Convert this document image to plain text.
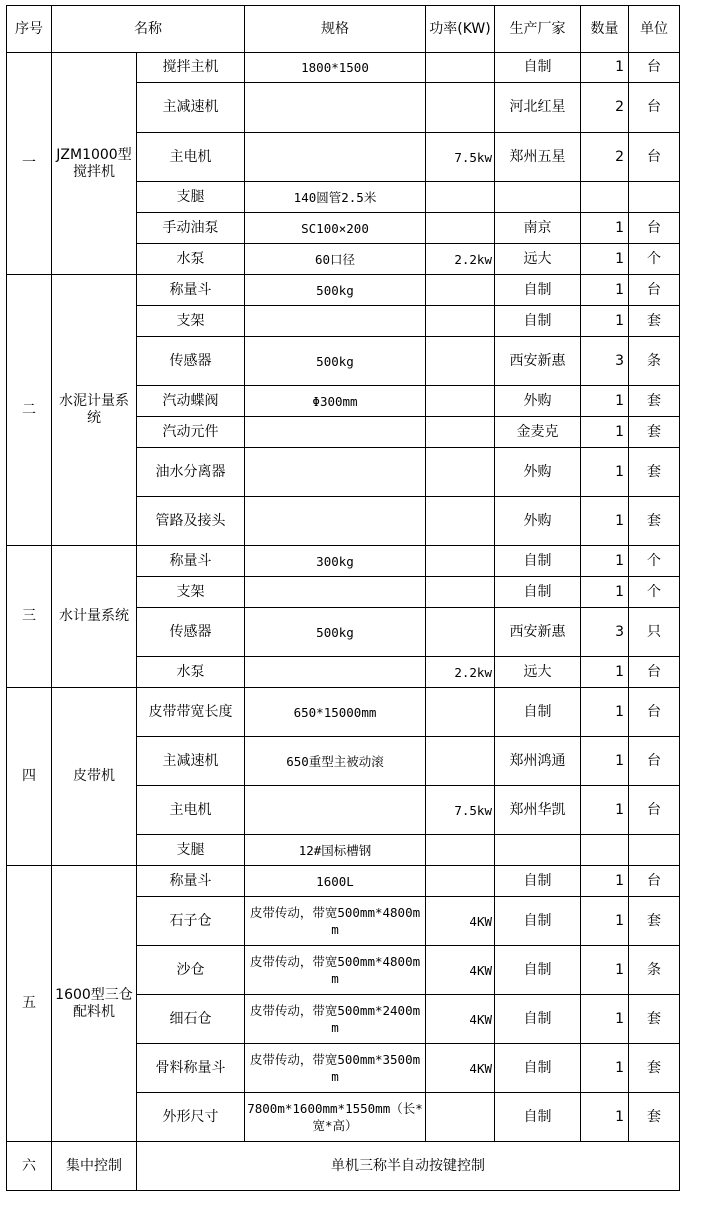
序号	名称		规格	功率(KW)	生产厂家	数量	单位
一	JZM1000型搅拌机	搅拌主机	1800*1500		自制	1	台
		主减速机			河北红星	2	台
		主电机		7.5kw	郑州五星	2	台
		支腿	140圆管2.5米				
		手动油泵	SC100×200		南京	1	台
		水泵	60口径	2.2kw	远大	1	个
二	水泥计量系统	称量斗	500kg		自制	1	台
		支架			自制	1	套
		传感器	500kg		西安新惠	3	条
		汽动蝶阀	Φ300mm		外购	1	套
		汽动元件			金麦克	1	套
		油水分离器			外购	1	套
		管路及接头			外购	1	套
三	水计量系统	称量斗	300kg		自制	1	个
		支架			自制	1	个
		传感器	500kg		西安新惠	3	只
		水泵		2.2kw	远大	1	台
四	皮带机	皮带带宽长度	650*15000mm		自制	1	台
		主减速机	650重型主被动滚		郑州鸿通	1	台
		主电机		7.5kw	郑州华凯	1	台
		支腿	12#国标槽钢				
五	1600型三仓配料机	称量斗	1600L		自制	1	台
		石子仓	皮带传动，带宽500mm*4800mm	4KW	自制	1	套
		沙仓	皮带传动，带宽500mm*4800mm	4KW	自制	1	条
		细石仓	皮带传动，带宽500mm*2400mm	4KW	自制	1	套
		骨料称量斗	皮带传动，带宽500mm*3500mm	4KW	自制	1	套
		外形尺寸	7800m*1600mm*1550mm（长*宽*高）		自制	1	套
六	集中控制	单机三称半自动按键控制					
